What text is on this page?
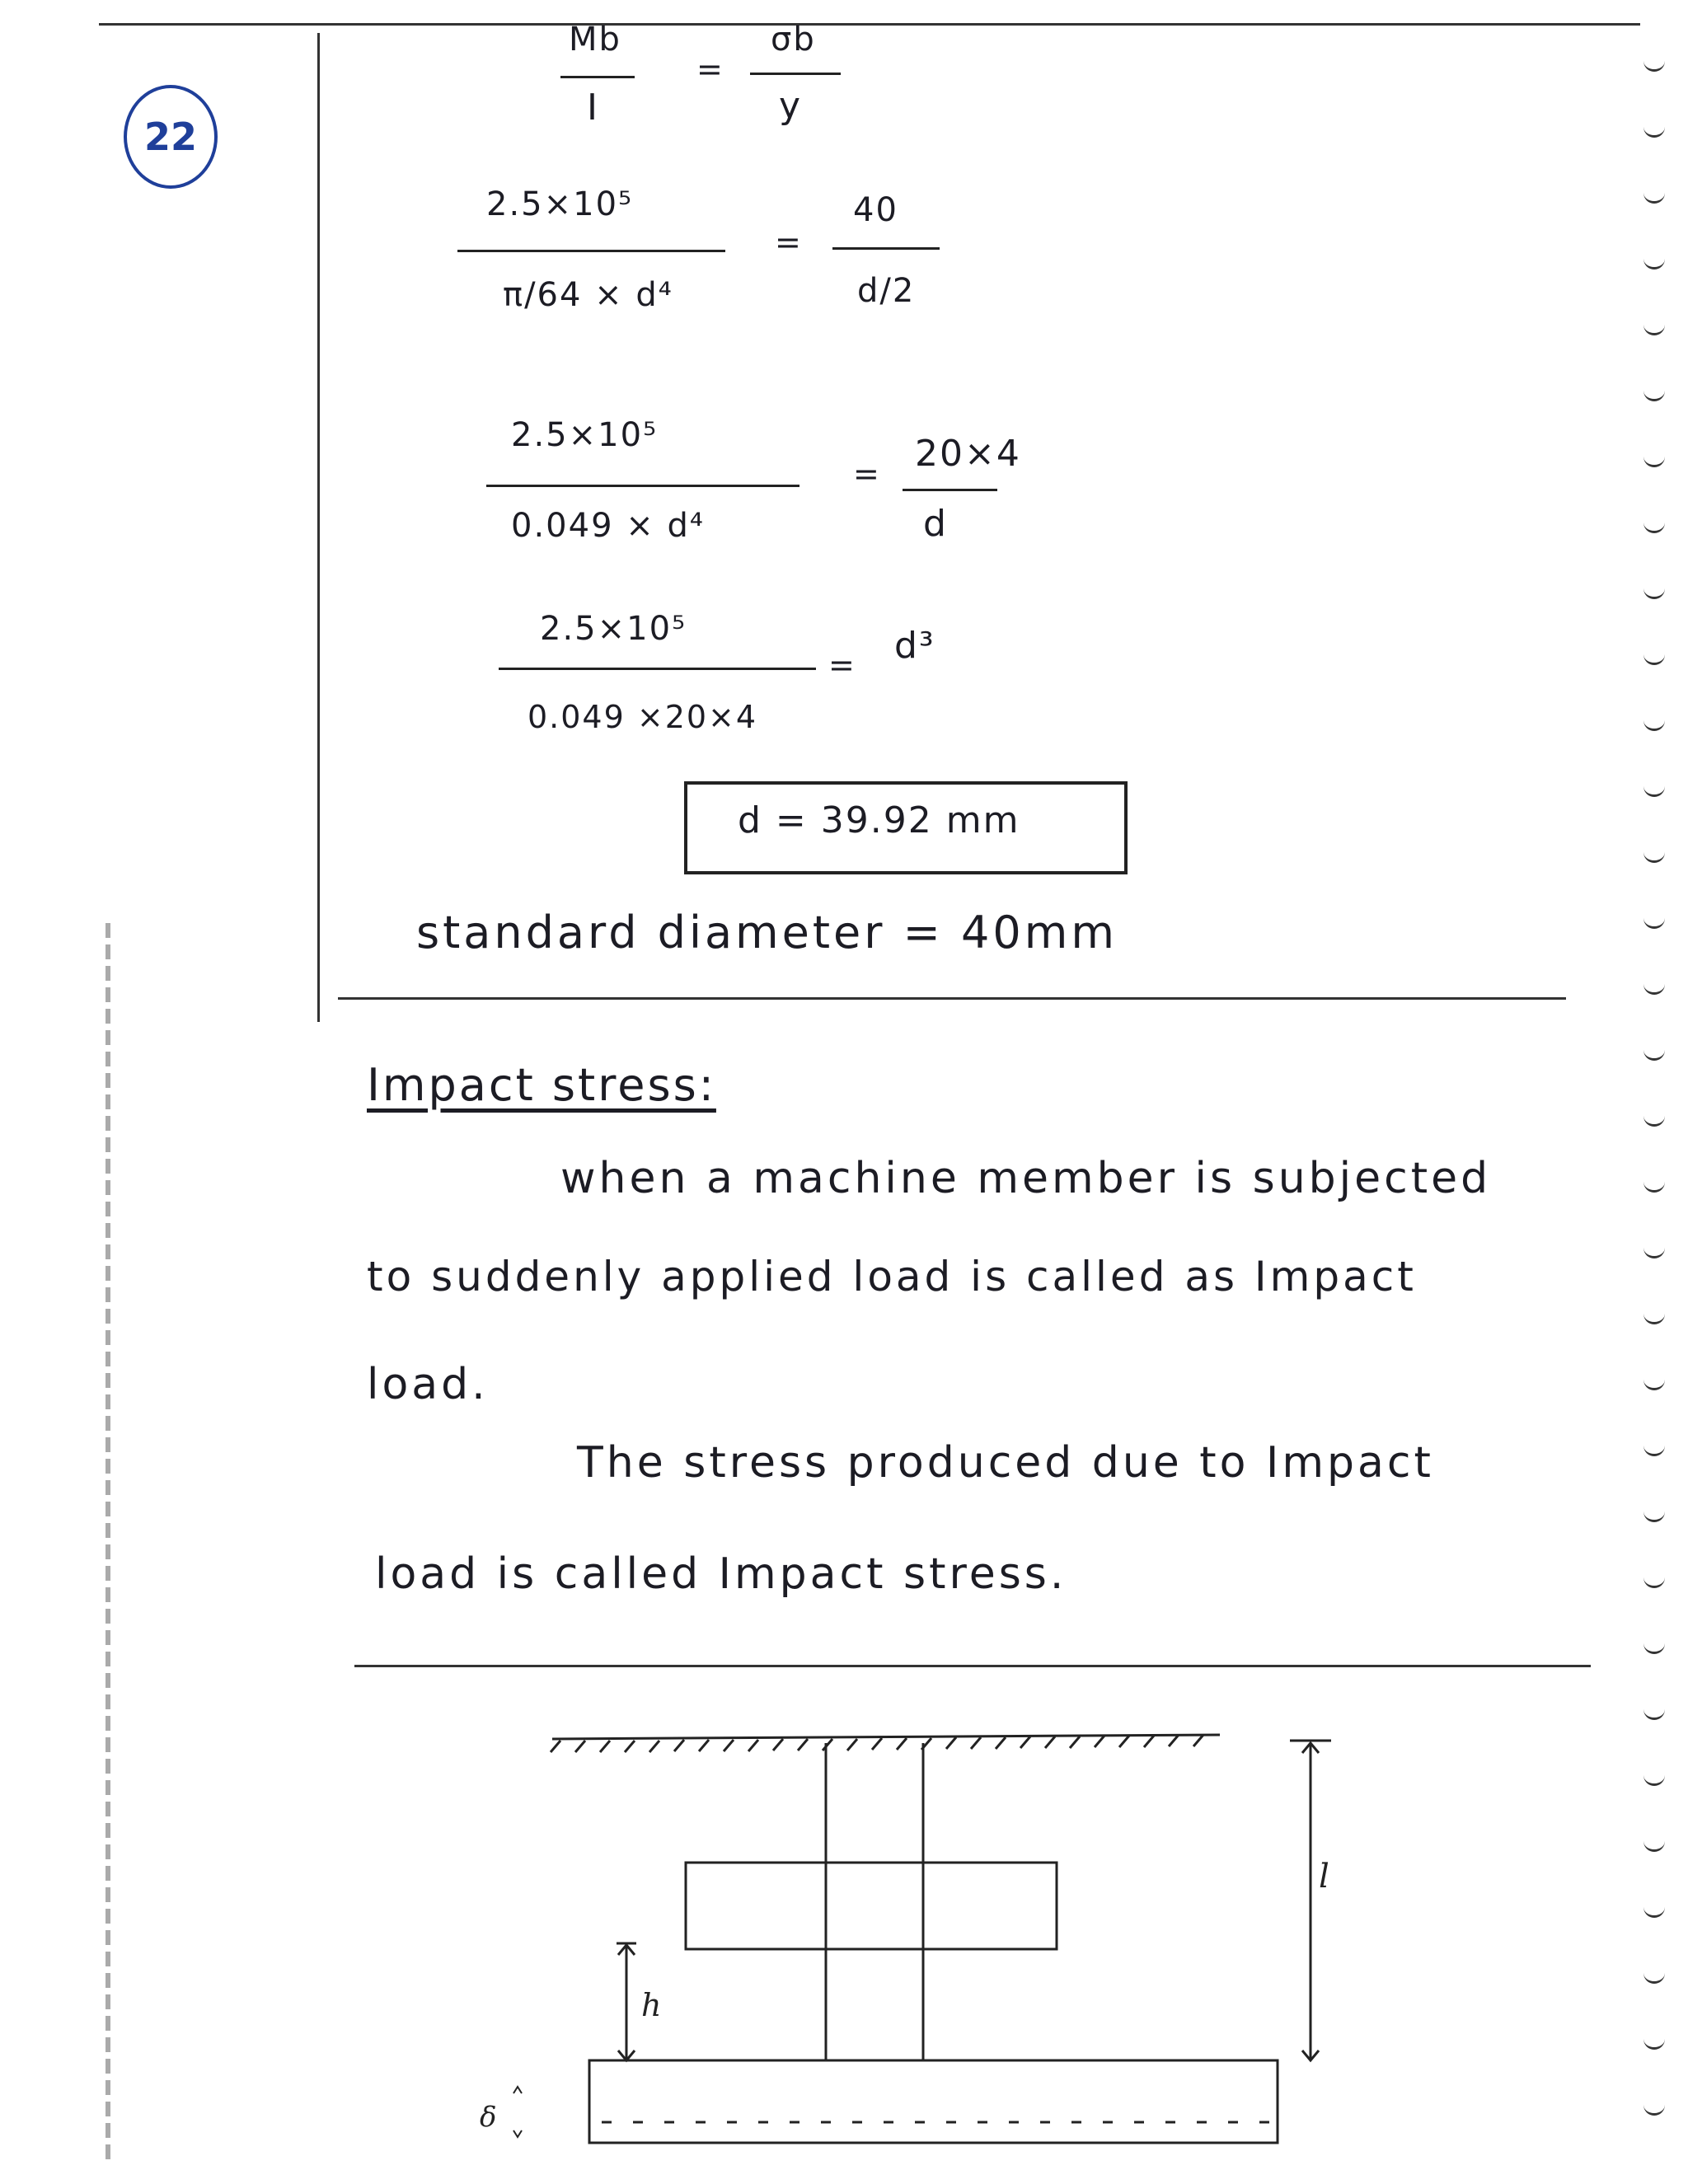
22
Mb
I
=
σb
y
2.5×10⁵
π/64 × d⁴
=
40
d/2
2.5×10⁵
0.049 × d⁴
= 20×4
d
2.5×10⁵
0.049 ×20×4
= d³
d = 39.92 mm
standard diameter = 40mm
Impact stress:
when a machine member is subjected
to suddenly applied load is called as Impact
load.
The stress produced due to Impact
load is called Impact stress.
h
l
δ
